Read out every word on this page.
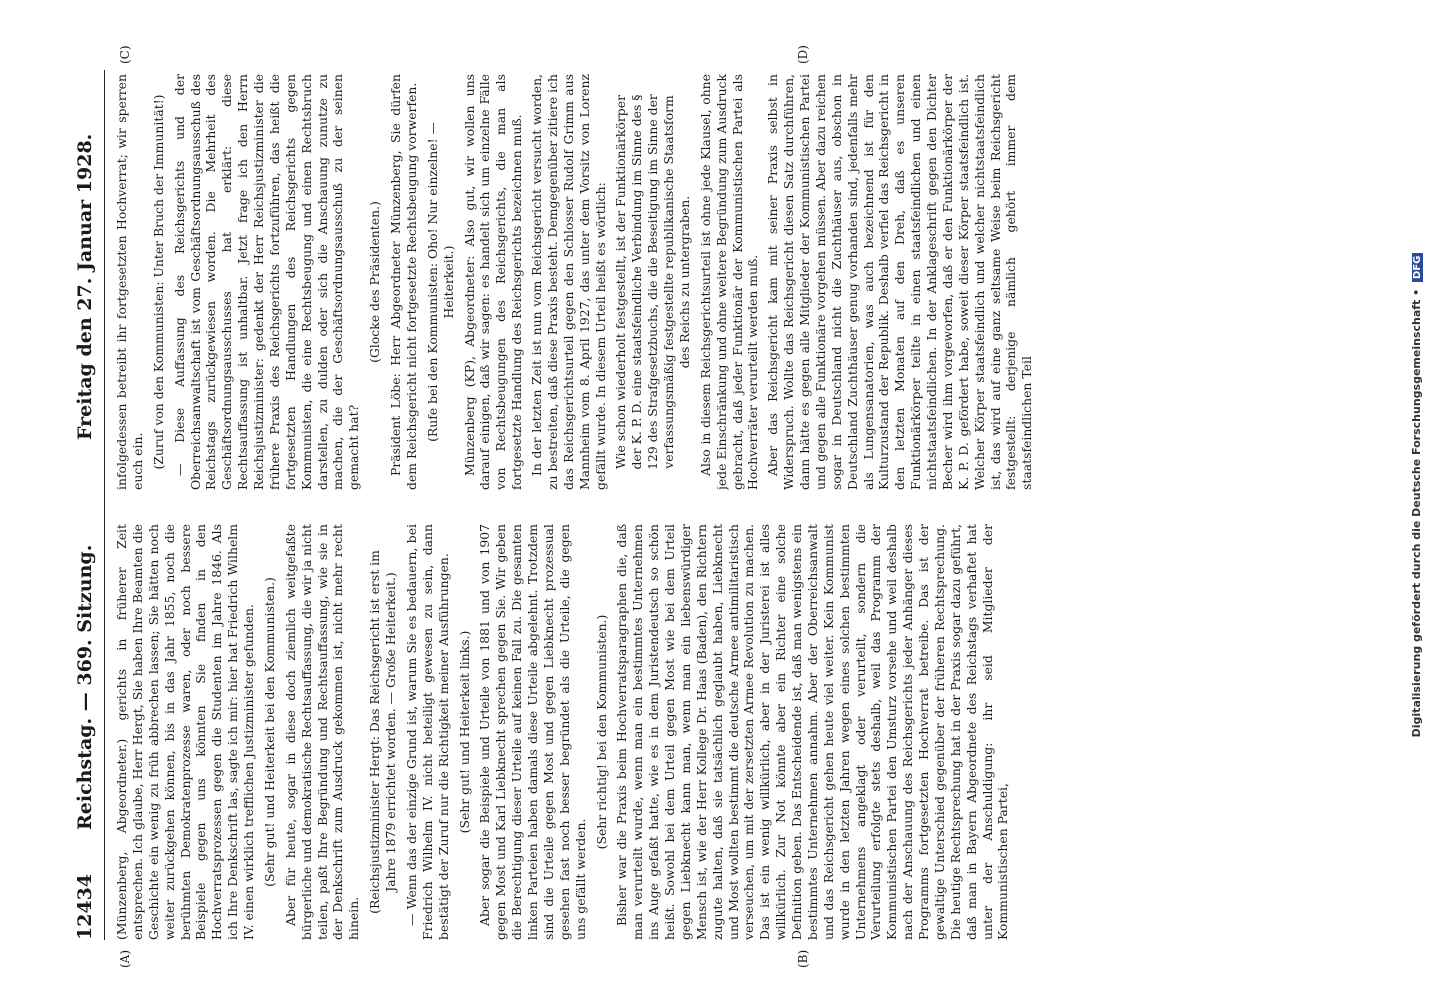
12434
Reichstag. — 369. Sitzung.
Freitag den 27. Januar 1928.
(A)	(B)
(C)	(D)

(Münzenberg, Abgeordneter.) gerichts in früherer Zeit entsprechen. Ich glaube, Herr Hergt, Sie haben Ihre Beamten die Geschichte ein wenig zu früh abbrechen lassen; Sie hätten noch weiter zurückgehen können, bis in das Jahr 1855, noch die berühmten Demokratenprozesse waren, oder noch bessere Beispiele gegen uns könnten Sie finden in den Hochverratsprozessen gegen die Studenten im Jahre 1846. Als ich Ihre Denkschrift las, sagte ich mir: hier hat Friedrich Wilhelm IV. einen wirklich trefflichen Justizminister gefunden. (Sehr gut! und Heiterkeit bei den Kommunisten.) Aber für heute, sogar in diese doch ziemlich weitgefaßte bürgerliche und demokratische Rechtsauffassung, die wir ja nicht teilen, paßt Ihre Begründung und Rechtsauffassung, wie sie in der Denkschrift zum Ausdruck gekommen ist, nicht mehr recht hinein.

(Reichsjustizminister Hergt: Das Reichsgericht ist erst im Jahre 1879 errichtet worden. — Große Heiterkeit.) — Wenn das der einzige Grund ist, warum Sie es bedauern, bei Friedrich Wilhelm IV. nicht beteiligt gewesen zu sein, dann bestätigt der Zuruf nur die Richtigkeit meiner Ausführungen. (Sehr gut! und Heiterkeit links.) Aber sogar die Beispiele und Urteile von 1881 und von 1907 gegen Most und Karl Liebknecht sprechen gegen Sie. Wir geben die Berechtigung dieser Urteile auf keinen Fall zu. Die gesamten linken Parteien haben damals diese Urteile abgelehnt. Trotzdem sind die Urteile gegen Most und gegen Liebknecht prozessual gesehen fast noch besser begründet als die Urteile, die gegen uns gefällt werden.

(Sehr richtig! bei den Kommunisten.) Bisher war die Praxis beim Hochverratsparagraphen die, daß man verurteilt wurde, wenn man ein bestimmtes Unternehmen ins Auge gefaßt hatte, wie es in dem Juristendeutsch so schön heißt. Sowohl bei dem Urteil gegen Most wie bei dem Urteil gegen Liebknecht kann man, wenn man ein liebenswürdiger Mensch ist, wie der Herr Kollege Dr. Haas (Baden), den Richtern zugute halten, daß sie tatsächlich geglaubt haben, Liebknecht und Most wollten bestimmt die deutsche Armee antimilitaristisch verseuchen, um mit der zersetzten Armee Revolution zu machen. Das ist ein wenig willkürlich, aber in der Juristerei ist alles willkürlich. Zur Not könnte aber ein Richter eine solche Definition geben. Das Entscheidende ist, daß man wenigstens ein bestimmtes Unternehmen annahm. Aber der Oberreichsanwalt und das Reichsgericht gehen heute viel weiter. Kein Kommunist wurde in den letzten Jahren wegen eines solchen bestimmten Unternehmens angeklagt oder verurteilt, sondern die Verurteilung erfolgte stets deshalb, weil das Programm der Kommunistischen Partei den Umsturz vorsehe und weil deshalb nach der Anschauung des Reichsgerichts jeder Anhänger dieses Programms fortgesetzten Hochverrat betreibe. Das ist der gewaltige Unterschied gegenüber der früheren Rechtsprechung. Die heutige Rechtsprechung hat in der Praxis sogar dazu geführt, daß man in Bayern Abgeordnete des Reichstags verhaftet hat unter der Anschuldigung: ihr seid Mitglieder der Kommunistischen Partei,

infolgedessen betreibt ihr fortgesetzten Hochverrat; wir sperren euch ein. (Zuruf von den Kommunisten: Unter Bruch der Immunität!) — Diese Auffassung des Reichsgerichts und der Oberreichsanwaltschaft ist vom Geschäftsordnungsausschuß des Reichstags zurückgewiesen worden. Die Mehrheit des Geschäftsordnungsausschusses hat erklärt: diese Rechtsauffassung ist unhaltbar. Jetzt frage ich den Herrn Reichsjustizminister: gedenkt der Herr Reichsjustizminister die frühere Praxis des Reichsgerichts fortzuführen, das heißt die fortgesetzten Handlungen des Reichsgerichts gegen Kommunisten, die eine Rechtsbeugung und einen Rechtsbruch darstellen, zu dulden oder sich die Anschauung zunutze zu machen, die der Geschäftsordnungsausschuß zu der seinen gemacht hat?

(Glocke des Präsidenten.) Präsident Löbe: Herr Abgeordneter Münzenberg, Sie dürfen dem Reichsgericht nicht fortgesetzte Rechtsbeugung vorwerfen. (Rufe bei den Kommunisten: Oho! Nur einzelne! — Heiterkeit.) Münzenberg (KP), Abgeordneter: Also gut, wir wollen uns darauf einigen, daß wir sagen: es handelt sich um einzelne Fälle von Rechtsbeugungen des Reichsgerichts, die man als fortgesetzte Handlung des Reichsgerichts bezeichnen muß. In der letzten Zeit ist nun vom Reichsgericht versucht worden, zu bestreiten, daß diese Praxis besteht. Demgegenüber zitiere ich das Reichsgerichtsurteil gegen den Schlosser Rudolf Grimm aus Mannheim vom 8. April 1927, das unter dem Vorsitz von Lorenz gefällt wurde. In diesem Urteil heißt es wörtlich: Wie schon wiederholt festgestellt, ist der Funktionärkörper der K. P. D. eine staatsfeindliche Verbindung im Sinne des § 129 des Strafgesetzbuchs, die die Beseitigung im Sinne der verfassungsmäßig festgestellte republikanische Staatsform des Reichs zu untergraben. Also in diesem Reichsgerichtsurteil ist ohne jede Klausel, ohne jede Einschränkung und ohne weitere Begründung zum Ausdruck gebracht, daß jeder Funktionär der Kommunistischen Partei als Hochverräter verurteilt werden muß. Aber das Reichsgericht kam mit seiner Praxis selbst in Widerspruch. Wollte das Reichsgericht diesen Satz durchführen, dann hätte es gegen alle Mitglieder der Kommunistischen Partei und gegen alle Funktionäre vorgehen müssen. Aber dazu reichen sogar in Deutschland nicht die Zuchthäuser aus, obschon in Deutschland Zuchthäuser genug vorhanden sind, jedenfalls mehr als Lungensanatorien, was auch bezeichnend ist für den Kulturzustand der Republik. Deshalb verfiel das Reichsgericht in den letzten Monaten auf den Dreh, daß es unseren Funktionärkörper teilte in einen staatsfeindlichen und einen nichtstaatsfeindlichen. In der Anklageschrift gegen den Dichter Becher wird ihm vorgeworfen, daß er den Funktionärkörper der K. P. D. gefördert habe, soweit dieser Körper staatsfeindlich ist. Welcher Körper staatsfeindlich und welcher nichtstaatsfeindlich ist, das wird auf eine ganz seltsame Weise beim Reichsgericht festgestellt: derjenige nämlich gehört immer dem staatsfeindlichen Teil	Digitalisierung gefördert durch die Deutsche Forschungsgemeinschaft • DFG
